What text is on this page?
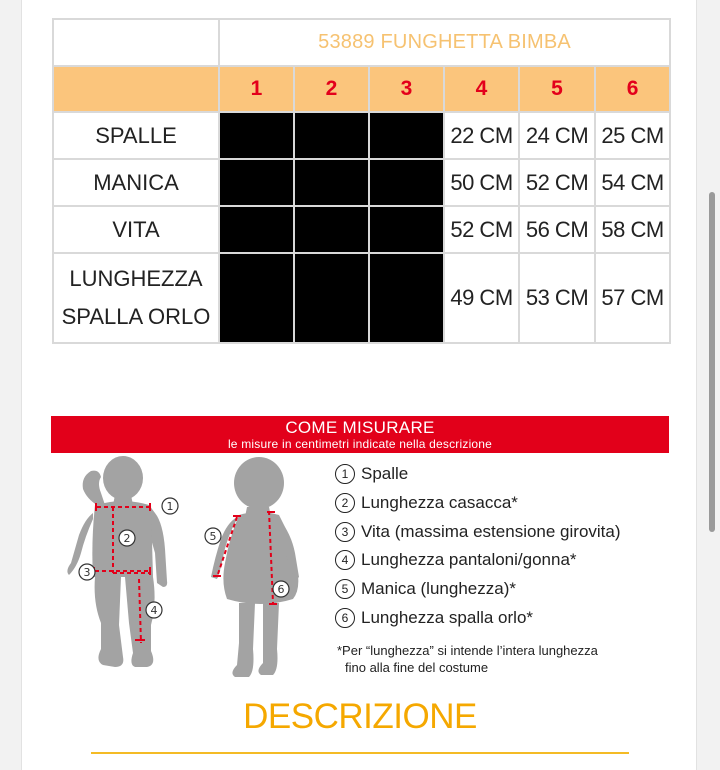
	53889 FUNGHETTA BIMBA					
	1	2	3	4	5	6
SPALLE				22 CM	24 CM	25 CM
MANICA				50 CM	52 CM	54 CM
VITA				52 CM	56 CM	58 CM

LUNGHEZZA
SPALLA ORLO				49 CM	53 CM	57 CM
COME MISURARE
le misure in centimetri indicate nella descrizione
1
2
3
4
5
6
1 Spalle
2 Lunghezza casacca*
3 Vita (massima estensione girovita)
4 Lunghezza pantaloni/gonna*
5 Manica (lunghezza)*
6 Lunghezza spalla orlo*
*Per “lunghezza” si intende l’intera lunghezza
fino alla fine del costume
DESCRIZIONE
